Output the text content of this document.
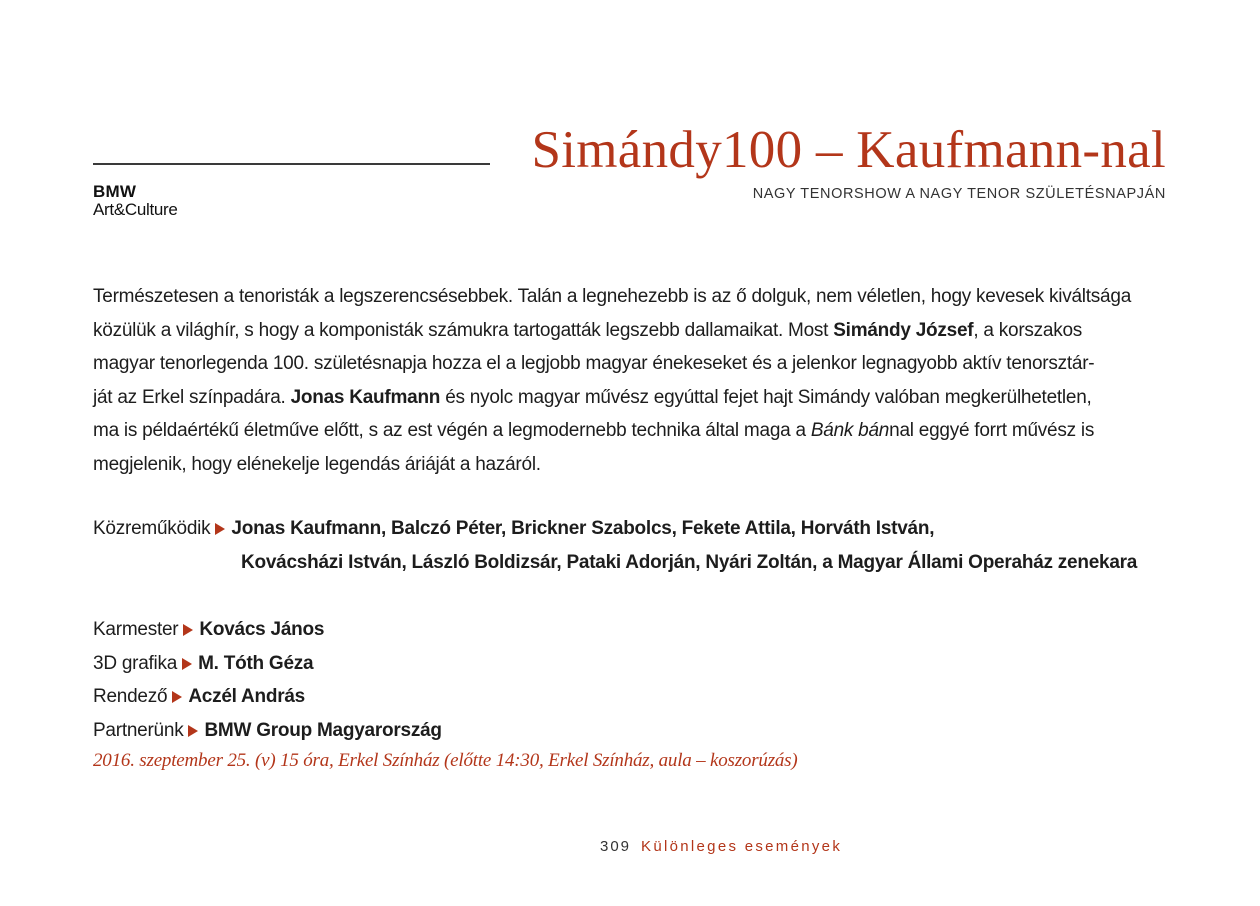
BMW
Art&Culture
Simándy100 – Kaufmann-nal
NAGY TENORSHOW A NAGY TENOR SZÜLETÉSNAPJÁN
Természetesen a tenoristák a legszerencsésebbek. Talán a legnehezebb is az ő dolguk, nem véletlen, hogy kevesek kiváltsága
közülük a világhír, s hogy a komponisták számukra tartogatták legszebb dallamaikat. Most Simándy József, a korszakos
magyar tenorlegenda 100. születésnapja hozza el a legjobb magyar énekeseket és a jelenkor legnagyobb aktív tenorsztár-
ját az Erkel színpadára. Jonas Kaufmann és nyolc magyar művész egyúttal fejet hajt Simándy valóban megkerülhetetlen,
ma is példaértékű életműve előtt, s az est végén a legmodernebb technika által maga a Bánk bánnal eggyé forrt művész is
megjelenik, hogy elénekelje legendás áriáját a hazáról.
Közreműködik Jonas Kaufmann, Balczó Péter, Brickner Szabolcs, Fekete Attila, Horváth István,
Kovácsházi István, László Boldizsár, Pataki Adorján, Nyári Zoltán, a Magyar Állami Operaház zenekara
Karmester Kovács János
3D grafika M. Tóth Géza
Rendező Aczél András
Partnerünk BMW Group Magyarország
2016. szeptember 25. (v) 15 óra, Erkel Színház (előtte 14:30, Erkel Színház, aula – koszorúzás)
309 Különleges események
